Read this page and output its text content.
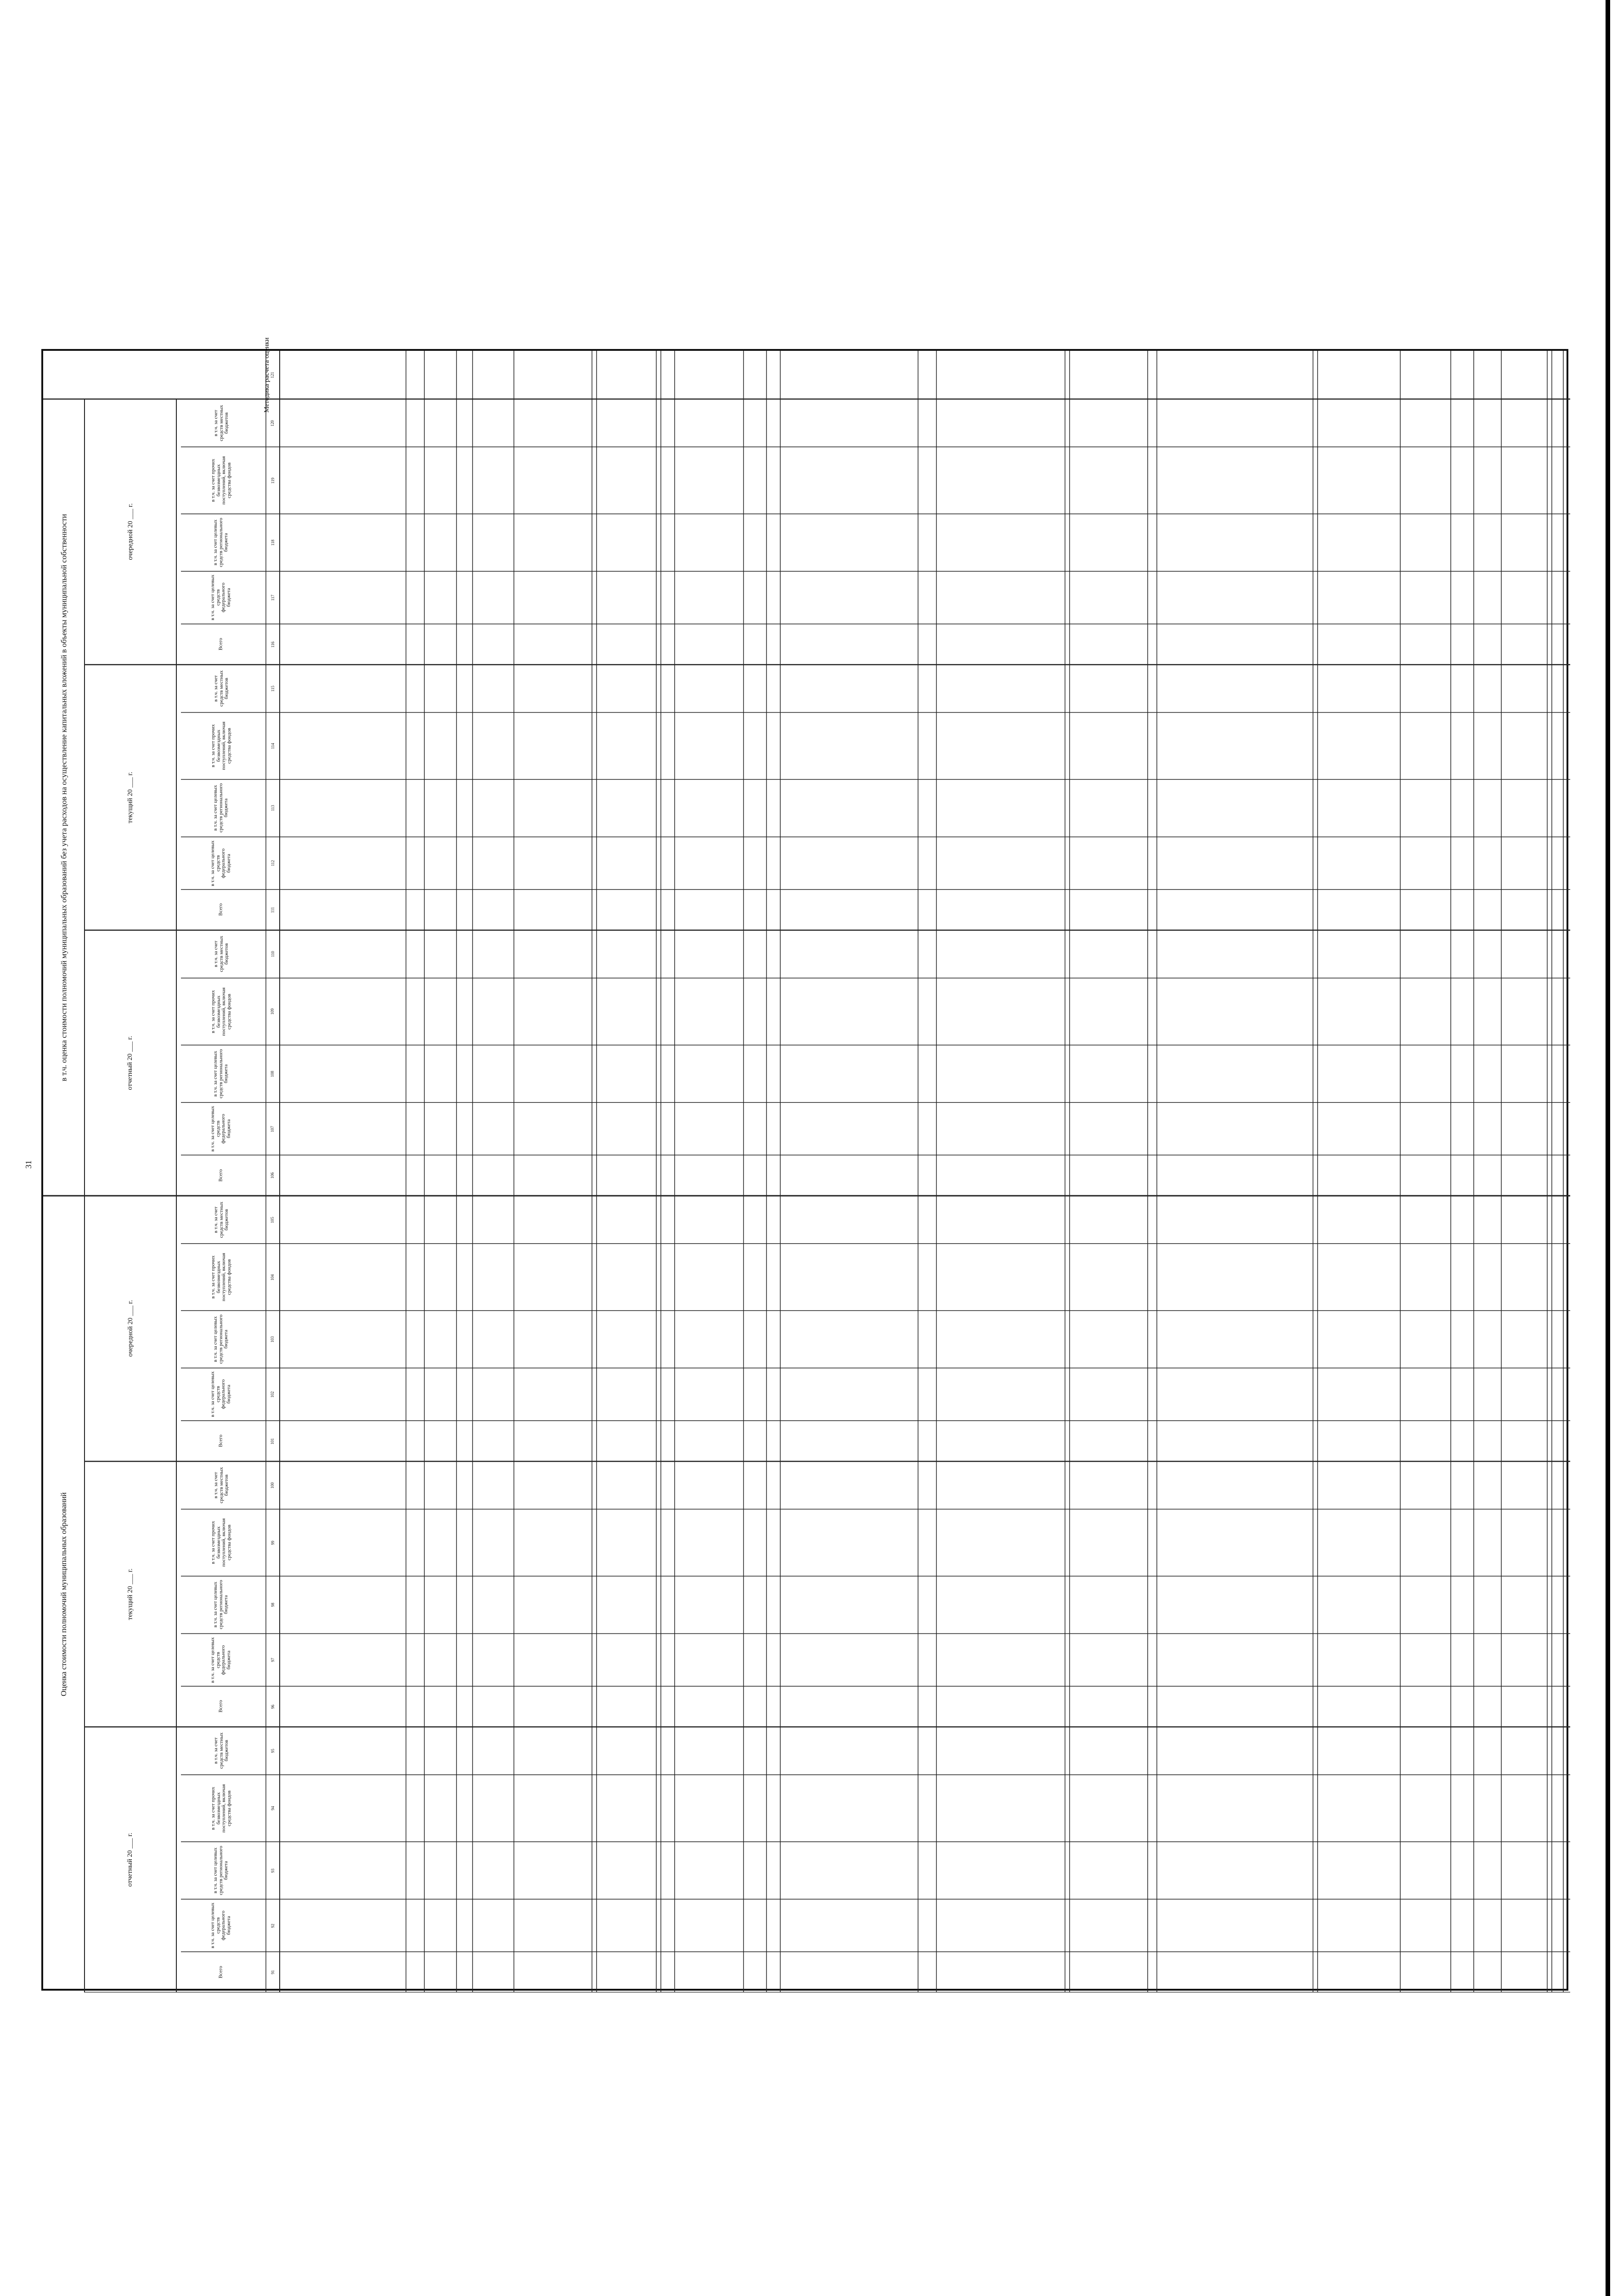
31
Оценка стоимости полномочий муниципальных образований
в т.ч. оценка стоимости полномочий муниципальных образований без учета расходов на осуществление капитальных вложений в объекты муниципальной собственности
Методика расчета оценки
очередной 20 ___ г.
текущий 20 ___ г.
отчетный 20 ___ г.
очередной 20 ___ г.
текущий 20 ___ г.
отчетный 20 ___ г.
в т.ч. за счет средств местных бюджетов
в т.ч. за счет прочих безвозмездных поступлений, включая средства фондов
в т.ч. за счет целевых средств регионального бюджета
в т.ч. за счет целевых средств федерального бюджета
Всего
в т.ч. за счет средств местных бюджетов
в т.ч. за счет прочих безвозмездных поступлений, включая средства фондов
в т.ч. за счет целевых средств регионального бюджета
в т.ч. за счет целевых средств федерального бюджета
Всего
в т.ч. за счет средств местных бюджетов
в т.ч. за счет прочих безвозмездных поступлений, включая средства фондов
в т.ч. за счет целевых средств регионального бюджета
в т.ч. за счет целевых средств федерального бюджета
Всего
в т.ч. за счет средств местных бюджетов
в т.ч. за счет прочих безвозмездных поступлений, включая средства фондов
в т.ч. за счет целевых средств регионального бюджета
в т.ч. за счет целевых средств федерального бюджета
Всего
в т.ч. за счет средств местных бюджетов
в т.ч. за счет прочих безвозмездных поступлений, включая средства фондов
в т.ч. за счет целевых средств регионального бюджета
в т.ч. за счет целевых средств федерального бюджета
Всего
в т.ч. за счет средств местных бюджетов
в т.ч. за счет прочих безвозмездных поступлений, включая средства фондов
в т.ч. за счет целевых средств регионального бюджета
в т.ч. за счет целевых средств федерального бюджета
Всего
121
120
119
118
117
116
115
114
113
112
111
110
109
108
107
106
105
104
103
102
101
100
99
98
97
96
95
94
93
92
91
